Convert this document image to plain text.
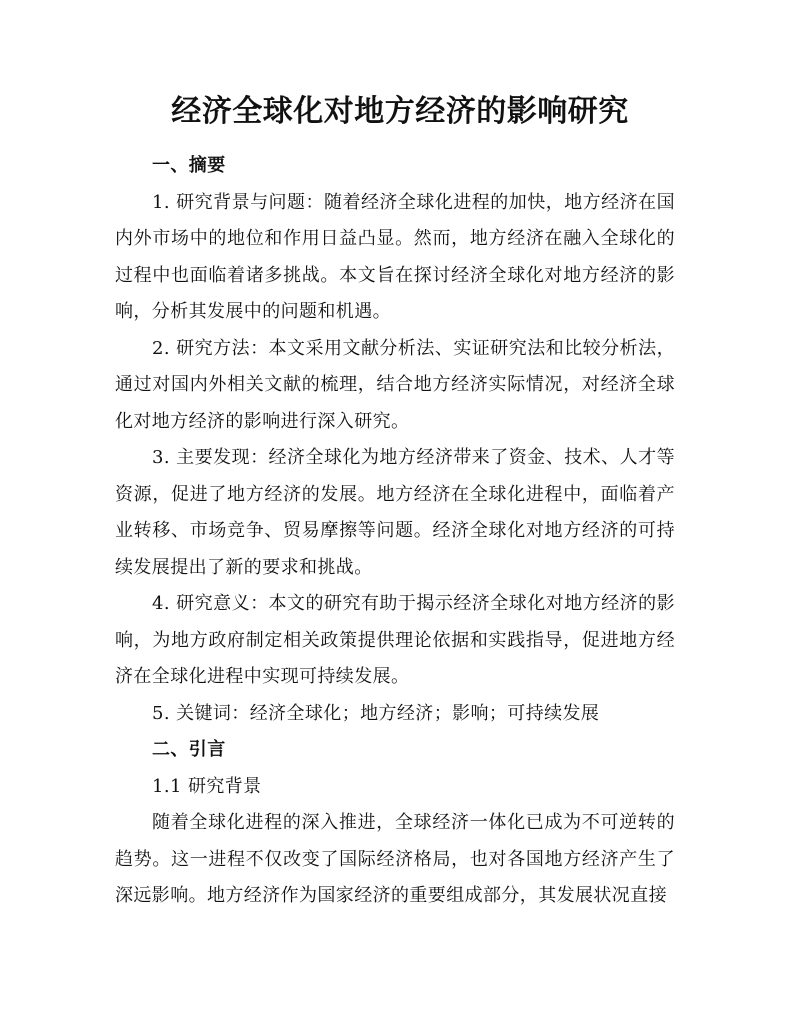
经济全球化对地方经济的影响研究

一、摘要

1. 研究背景与问题：随着经济全球化进程的加快，地方经济在国内外市场中的地位和作用日益凸显。然而，地方经济在融入全球化的过程中也面临着诸多挑战。本文旨在探讨经济全球化对地方经济的影响，分析其发展中的问题和机遇。

2. 研究方法：本文采用文献分析法、实证研究法和比较分析法，通过对国内外相关文献的梳理，结合地方经济实际情况，对经济全球化对地方经济的影响进行深入研究。

3. 主要发现：经济全球化为地方经济带来了资金、技术、人才等资源，促进了地方经济的发展。地方经济在全球化进程中，面临着产业转移、市场竞争、贸易摩擦等问题。经济全球化对地方经济的可持续发展提出了新的要求和挑战。

4. 研究意义：本文的研究有助于揭示经济全球化对地方经济的影响，为地方政府制定相关政策提供理论依据和实践指导，促进地方经济在全球化进程中实现可持续发展。

5. 关键词：经济全球化；地方经济；影响；可持续发展

二、引言

1.1 研究背景

随着全球化进程的深入推进，全球经济一体化已成为不可逆转的趋势。这一进程不仅改变了国际经济格局，也对各国地方经济产生了深远影响。地方经济作为国家经济的重要组成部分，其发展状况直接
